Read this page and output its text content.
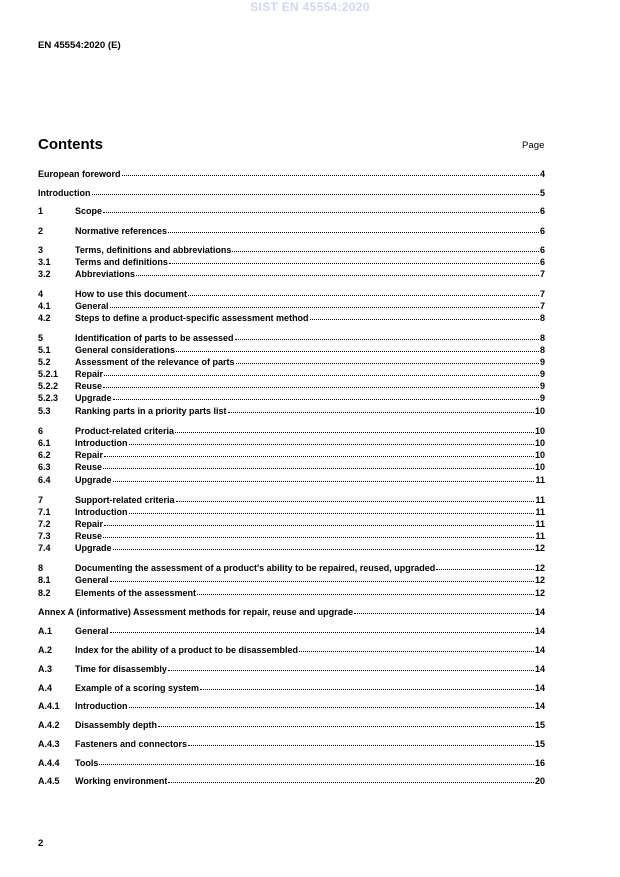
SIST EN 45554:2020
EN 45554:2020 (E)
Contents	Page
European foreword	4
Introduction	5
1	Scope	6
2	Normative references	6
3	Terms, definitions and abbreviations	6
3.1	Terms and definitions	6
3.2	Abbreviations	7
4	How to use this document	7
4.1	General	7
4.2	Steps to define a product-specific assessment method	8
5	Identification of parts to be assessed	8
5.1	General considerations	8
5.2	Assessment of the relevance of parts	9
5.2.1	Repair	9
5.2.2	Reuse	9
5.2.3	Upgrade	9
5.3	Ranking parts in a priority parts list	10
6	Product-related criteria	10
6.1	Introduction	10
6.2	Repair	10
6.3	Reuse	10
6.4	Upgrade	11
7	Support-related criteria	11
7.1	Introduction	11
7.2	Repair	11
7.3	Reuse	11
7.4	Upgrade	12
8	Documenting the assessment of a product's ability to be repaired, reused, upgraded	12
8.1	General	12
8.2	Elements of the assessment	12
Annex A (informative) Assessment methods for repair, reuse and upgrade	14
A.1	General	14
A.2	Index for the ability of a product to be disassembled	14
A.3	Time for disassembly	14
A.4	Example of a scoring system	14
A.4.1	Introduction	14
A.4.2	Disassembly depth	15
A.4.3	Fasteners and connectors	15
A.4.4	Tools	16
A.4.5	Working environment	20
2
